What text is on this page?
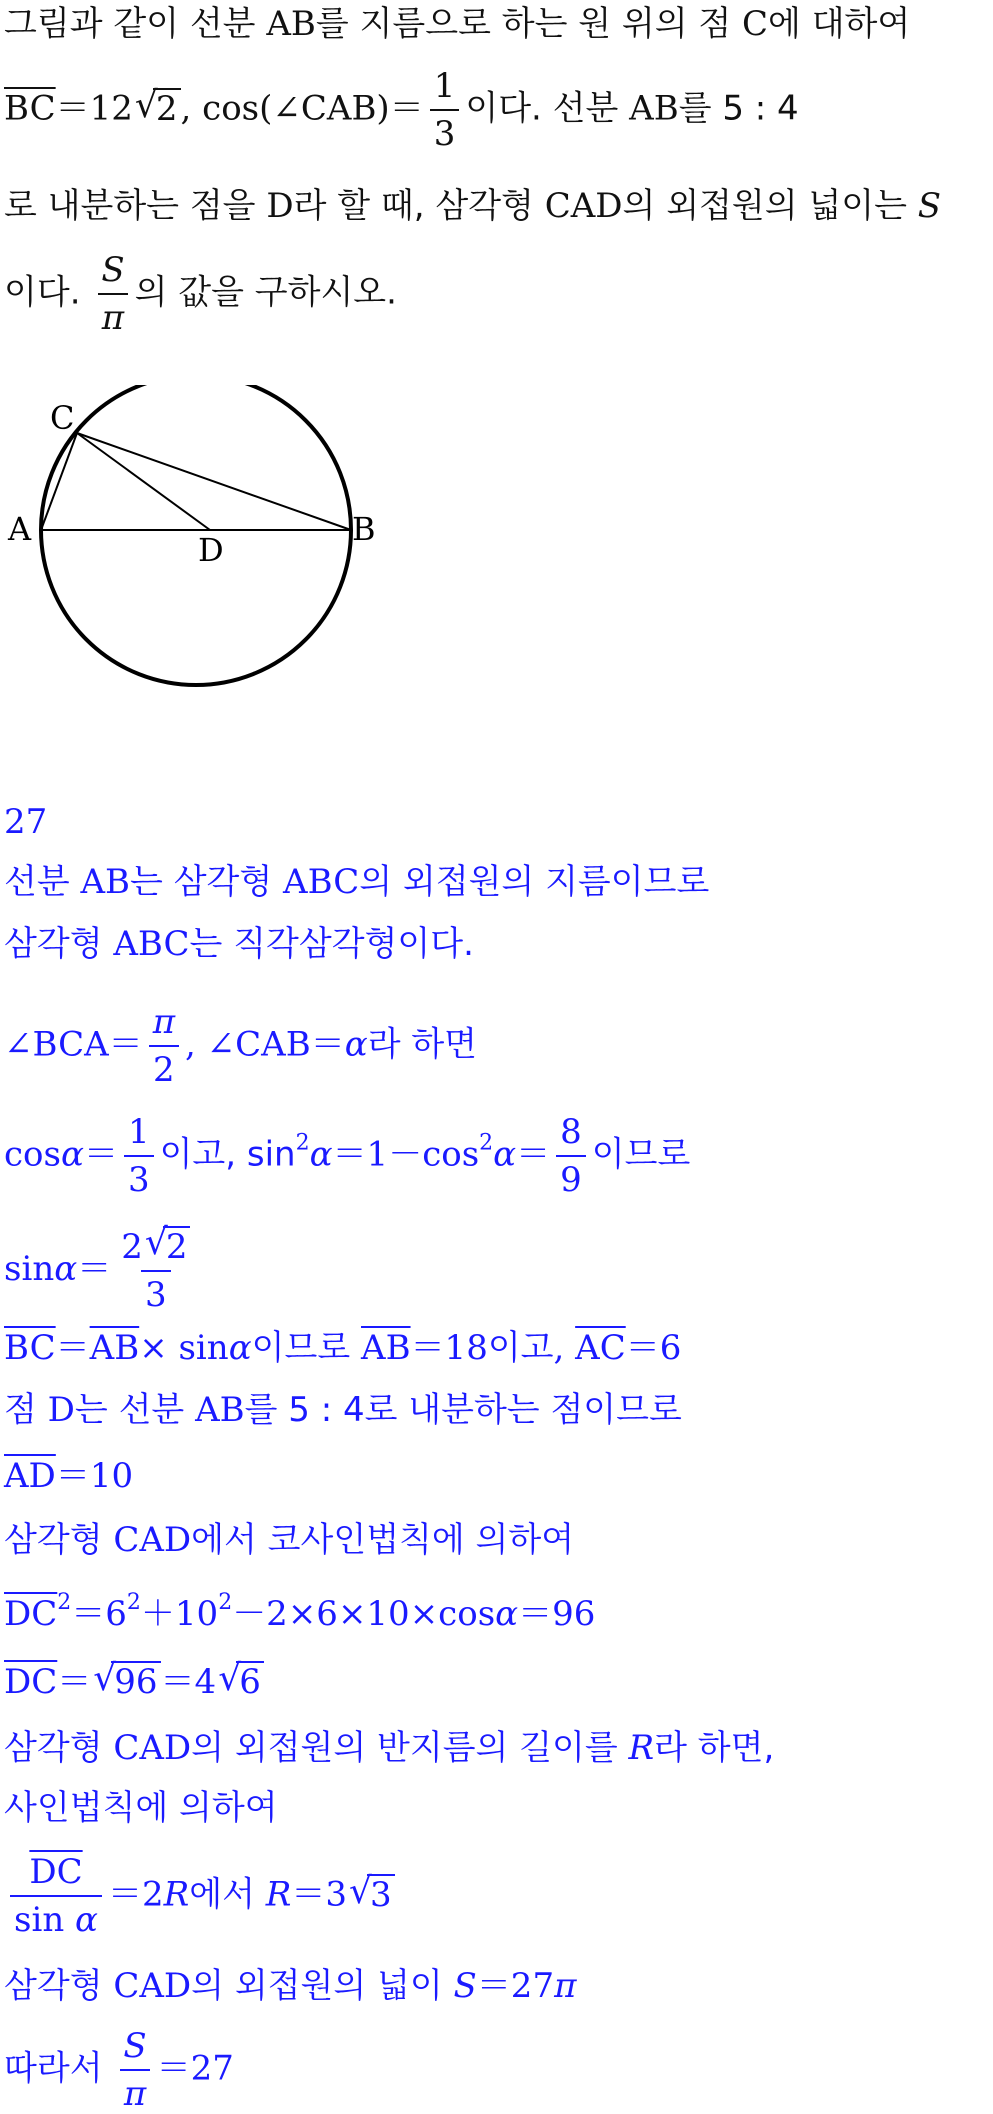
그림과 같이 선분 AB를 지름으로 하는 원 위의 점 C에 대하여
$\overline{BC}=12$ √ 2, cos(∠CAB)＝ $\frac{1}{3}$ 이다. 선분 AB를 5 : 4
로 내분하는 점을 D라 할 때, 삼각형 CAD의 외접원의 넓이는 S
이다. $\frac{S}{\pi}$ 의 값을 구하시오.
C
A	B
D
27
선분 AB는 삼각형 ABC의 외접원의 지름이므로
삼각형 ABC는 직각삼각형이다.
∠BCA＝ $\frac{\pi}{2}$ , ∠CAB＝α라 하면
$\cos\alpha= \frac{1}{3}$ 이고, $\sin^2\alpha=1-\cos^2\alpha= \frac{8}{9}$ 이므로
$\sin\alpha= \frac{2 √ 2}{3}$
$\overline{BC}=\overline{AB}\times \sin\alpha$이므로 $\overline{AB}=18$이고, $\overline{AC}=6$
점 D는 선분 AB를 5 : 4로 내분하는 점이므로
$\overline{AD}=10$
삼각형 CAD에서 코사인법칙에 의하여
$\overline{DC}^2=6^2+10^2-2\times 6\times 10\times\cos\alpha=96$
$\overline{DC}=$ √ 96＝4 √ 6
삼각형 CAD의 외접원의 반지름의 길이를 R라 하면,
사인법칙에 의하여
$\frac{\overline{DC}}{\text{sin α}} =2R$에서 R＝3 √ 3
삼각형 CAD의 외접원의 넓이 S＝27π
따라서 $\frac{S}{\pi} =27$
